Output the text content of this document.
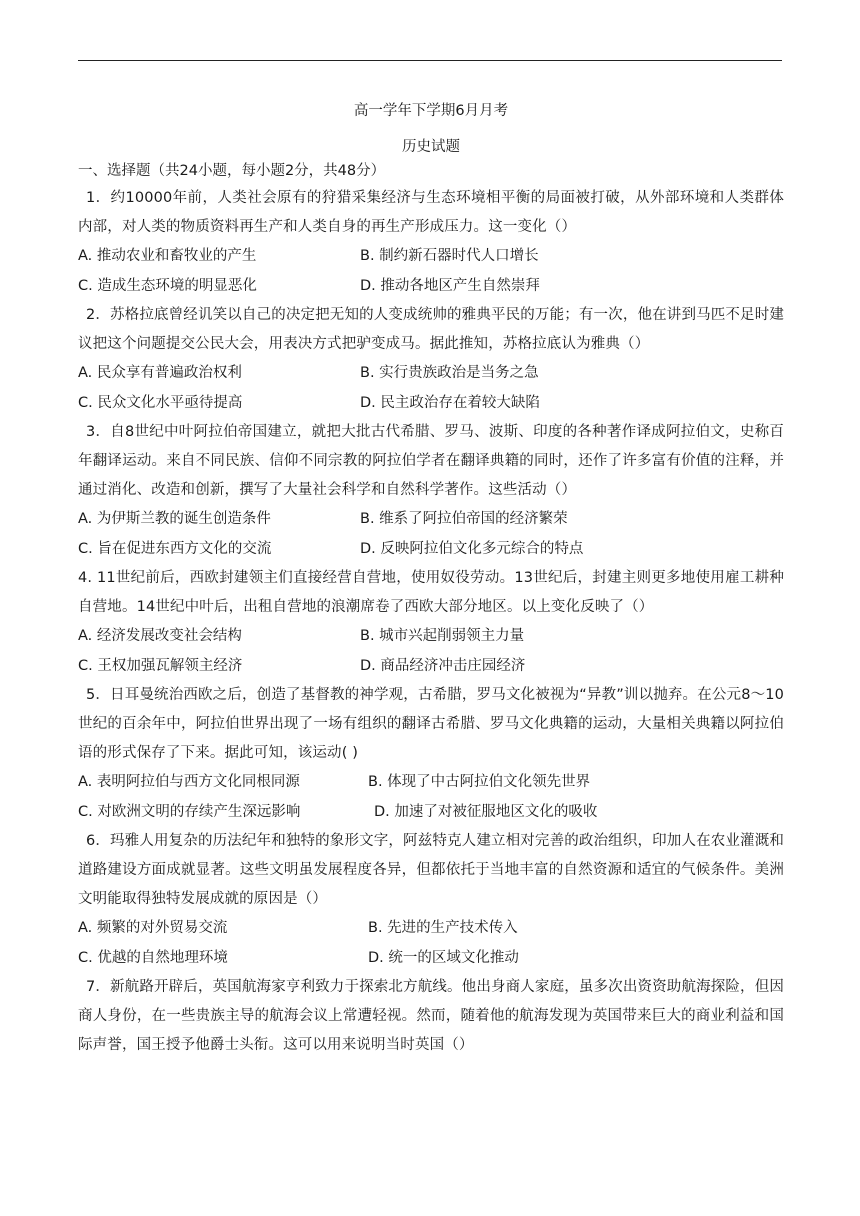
高一学年下学期6月月考
历史试题

一、选择题（共24小题，每小题2分，共48分）

1．约10000年前，人类社会原有的狩猎采集经济与生态环境相平衡的局面被打破，从外部环境和人类群体内部，对人类的物质资料再生产和人类自身的再生产形成压力。这一变化（）

A. 推动农业和畜牧业的产生	B. 制约新石器时代人口增长
C. 造成生态环境的明显恶化	D. 推动各地区产生自然崇拜

2．苏格拉底曾经讥笑以自己的决定把无知的人变成统帅的雅典平民的万能；有一次，他在讲到马匹不足时建议把这个问题提交公民大会，用表决方式把驴变成马。据此推知，苏格拉底认为雅典（）

A. 民众享有普遍政治权利	B. 实行贵族政治是当务之急
C. 民众文化水平亟待提高	D. 民主政治存在着较大缺陷

3．自8世纪中叶阿拉伯帝国建立，就把大批古代希腊、罗马、波斯、印度的各种著作译成阿拉伯文，史称百年翻译运动。来自不同民族、信仰不同宗教的阿拉伯学者在翻译典籍的同时，还作了许多富有价值的注释，并通过消化、改造和创新，撰写了大量社会科学和自然科学著作。这些活动（）

A. 为伊斯兰教的诞生创造条件	B. 维系了阿拉伯帝国的经济繁荣
C. 旨在促进东西方文化的交流	D. 反映阿拉伯文化多元综合的特点

4. 11世纪前后，西欧封建领主们直接经营自营地，使用奴役劳动。13世纪后，封建主则更多地使用雇工耕种自营地。14世纪中叶后，出租自营地的浪潮席卷了西欧大部分地区。以上变化反映了（）

A. 经济发展改变社会结构	B. 城市兴起削弱领主力量
C. 王权加强瓦解领主经济	D. 商品经济冲击庄园经济

5．日耳曼统治西欧之后，创造了基督教的神学观，古希腊，罗马文化被视为“异教”训以抛弃。在公元8～10世纪的百余年中，阿拉伯世界出现了一场有组织的翻译古希腊、罗马文化典籍的运动，大量相关典籍以阿拉伯语的形式保存了下来。据此可知，该运动( )

A. 表明阿拉伯与西方文化同根同源	B. 体现了中古阿拉伯文化领先世界
C. 对欧洲文明的存续产生深远影响	D. 加速了对被征服地区文化的吸收

6．玛雅人用复杂的历法纪年和独特的象形文字，阿兹特克人建立相对完善的政治组织，印加人在农业灌溉和道路建设方面成就显著。这些文明虽发展程度各异，但都依托于当地丰富的自然资源和适宜的气候条件。美洲文明能取得独特发展成就的原因是（）

A. 频繁的对外贸易交流	B. 先进的生产技术传入
C. 优越的自然地理环境	D. 统一的区域文化推动

7．新航路开辟后，英国航海家亨利致力于探索北方航线。他出身商人家庭，虽多次出资资助航海探险，但因商人身份，在一些贵族主导的航海会议上常遭轻视。然而，随着他的航海发现为英国带来巨大的商业利益和国际声誉，国王授予他爵士头衔。这可以用来说明当时英国（）
